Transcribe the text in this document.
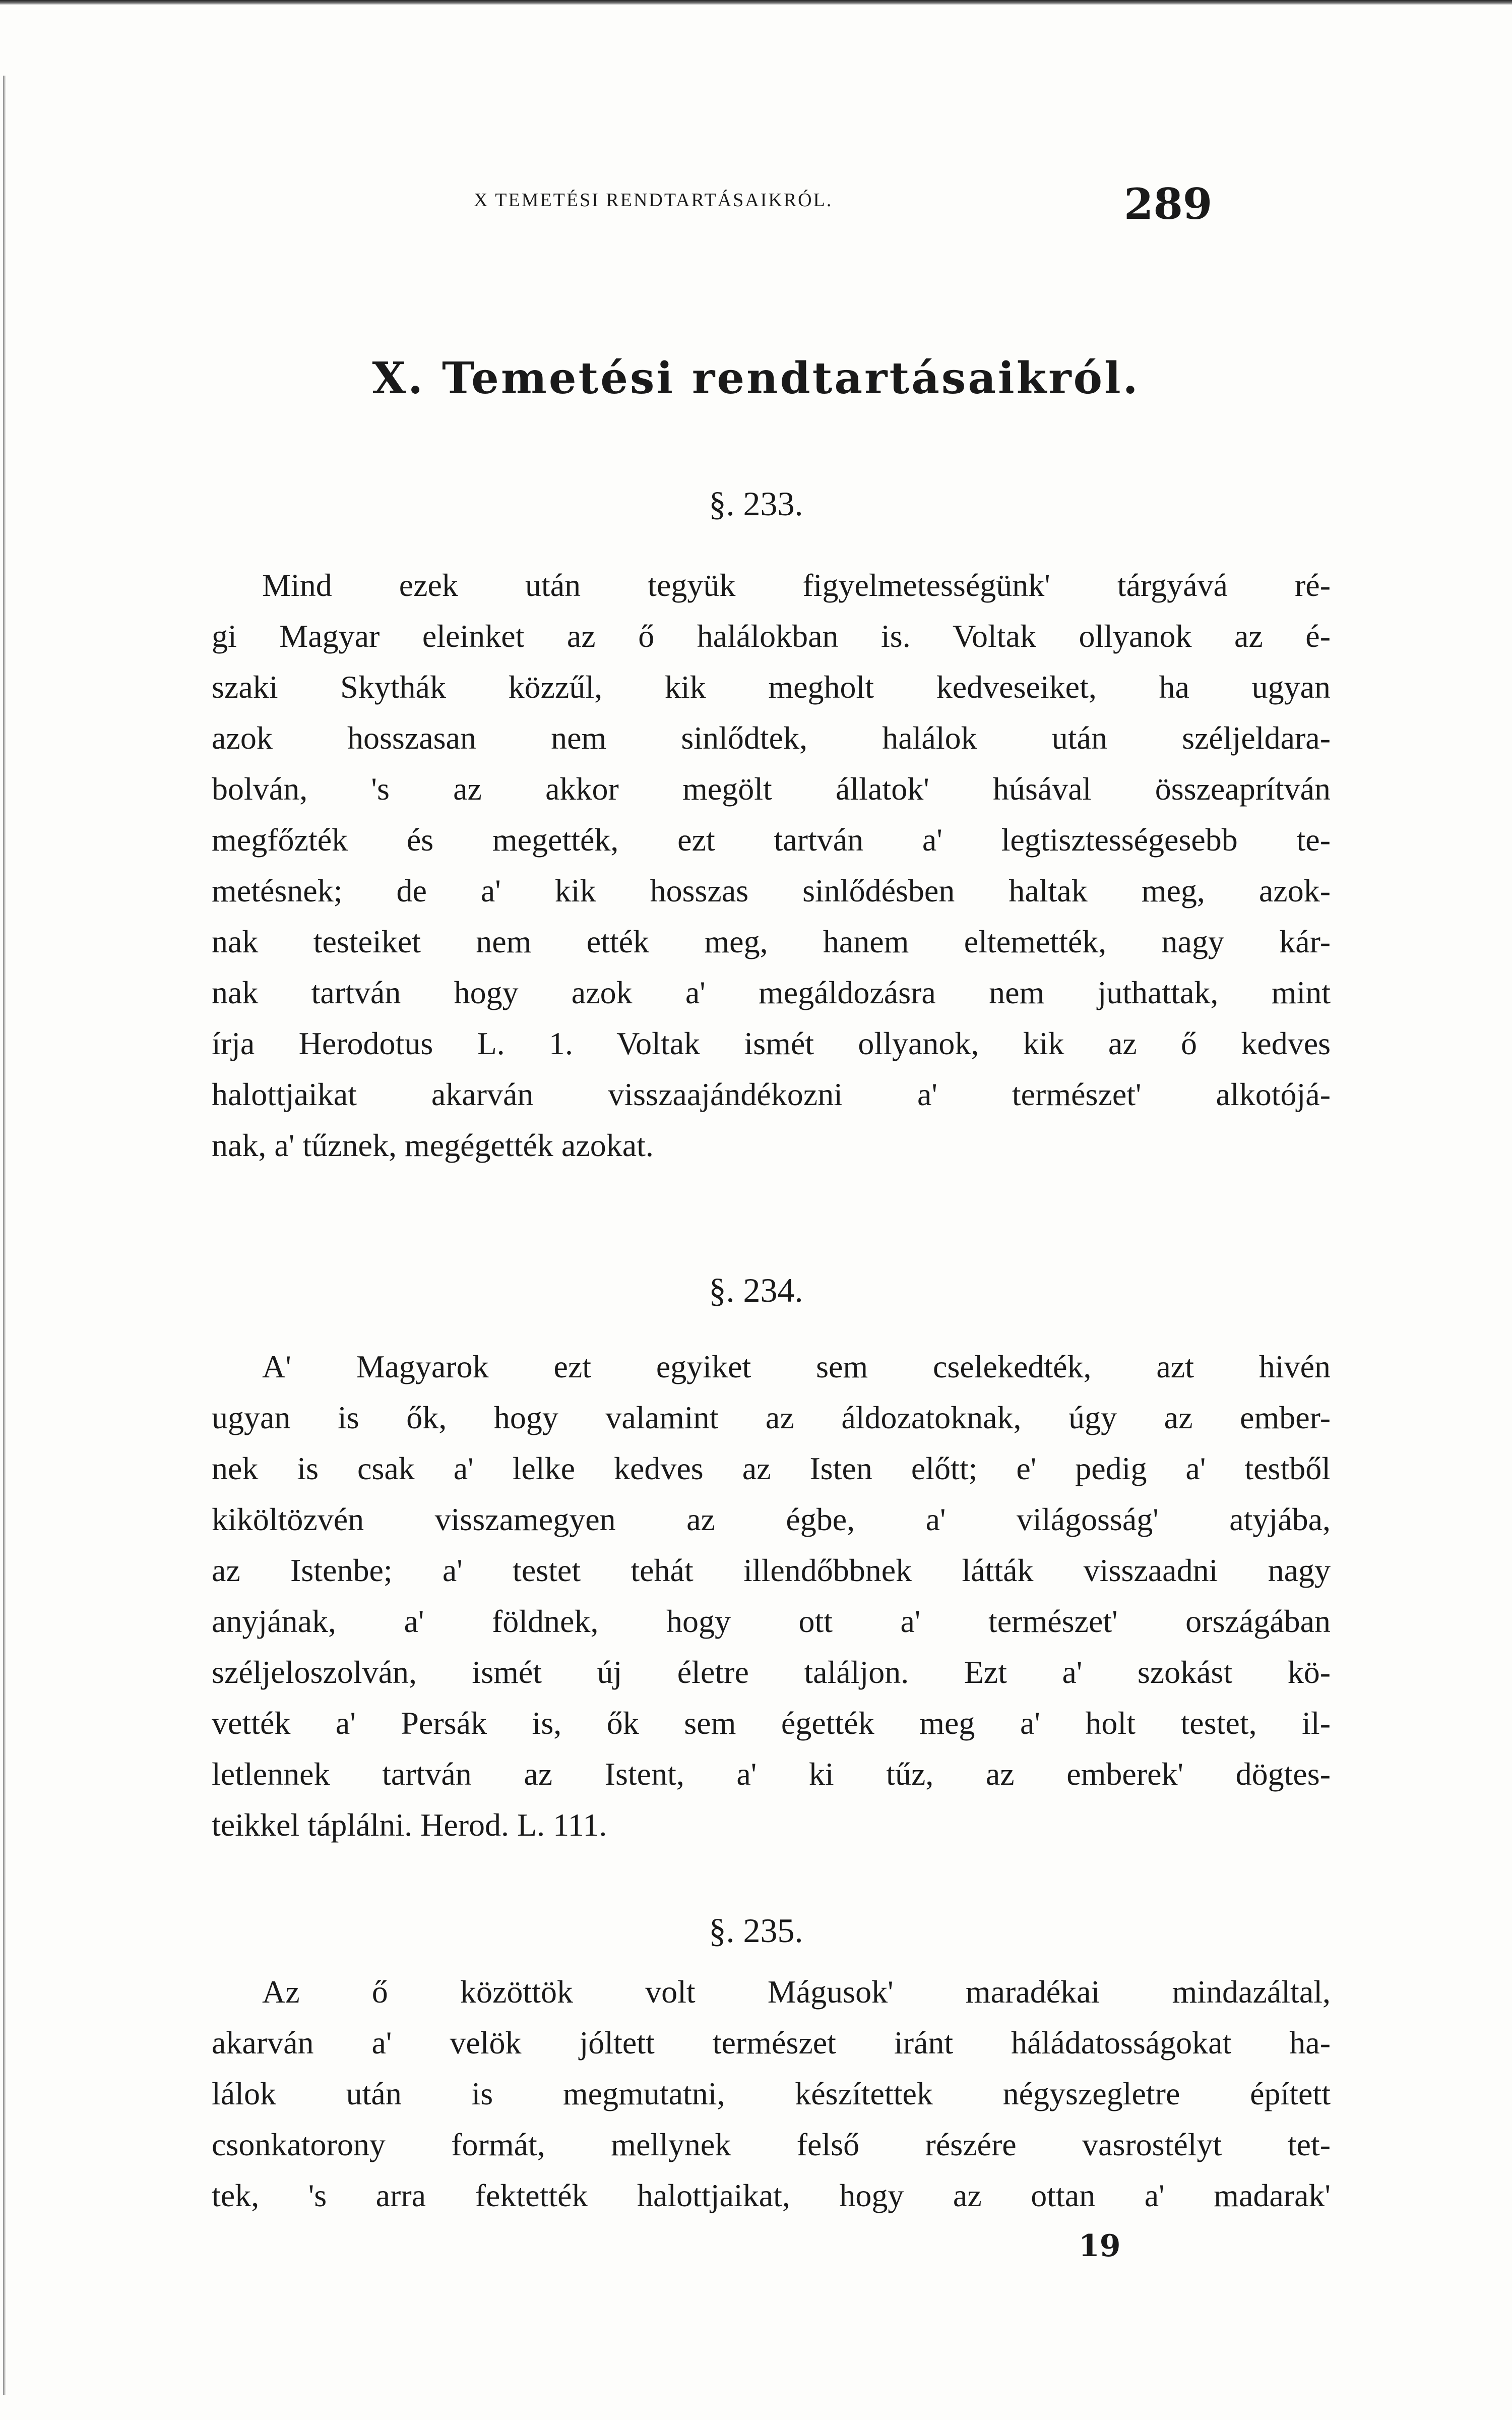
X TEMETÉSI RENDTARTÁSAIKRÓL.	289
X. Temetési rendtartásaikról.
§. 233.
Mind ezek után tegyük figyelmetességünk' tárgyává ré-
gi Magyar eleinket az ő halálokban is. Voltak ollyanok az é-
szaki Skythák közzűl, kik megholt kedveseiket, ha ugyan
azok hosszasan nem sinlődtek, halálok után széljeldara-
bolván, 's az akkor megölt állatok' húsával összeaprítván
megfőzték és megették, ezt tartván a' legtisztességesebb te-
metésnek; de a' kik hosszas sinlődésben haltak meg, azok-
nak testeiket nem ették meg, hanem eltemették, nagy kár-
nak tartván hogy azok a' megáldozásra nem juthattak, mint
írja Herodotus L. 1. Voltak ismét ollyanok, kik az ő kedves
halottjaikat akarván visszaajándékozni a' természet' alkotójá-
nak, a' tűznek, megégették azokat.
§. 234.
A' Magyarok ezt egyiket sem cselekedték, azt hivén
ugyan is ők, hogy valamint az áldozatoknak, úgy az ember-
nek is csak a' lelke kedves az Isten előtt; e' pedig a' testből
kiköltözvén visszamegyen az égbe, a' világosság' atyjába,
az Istenbe; a' testet tehát illendőbbnek látták visszaadni nagy
anyjának, a' földnek, hogy ott a' természet' országában
széljeloszolván, ismét új életre találjon. Ezt a' szokást kö-
vették a' Persák is, ők sem égették meg a' holt testet, il-
letlennek tartván az Istent, a' ki tűz, az emberek' dögtes-
teikkel táplálni. Herod. L. 111.
§. 235.
Az ő közöttök volt Mágusok' maradékai mindazáltal,
akarván a' velök jóltett természet iránt háládatosságokat ha-
lálok után is megmutatni, készítettek négyszegletre épített
csonkatorony formát, mellynek felső részére vasrostélyt tet-
tek, 's arra fektették halottjaikat, hogy az ottan a' madarak'
19
